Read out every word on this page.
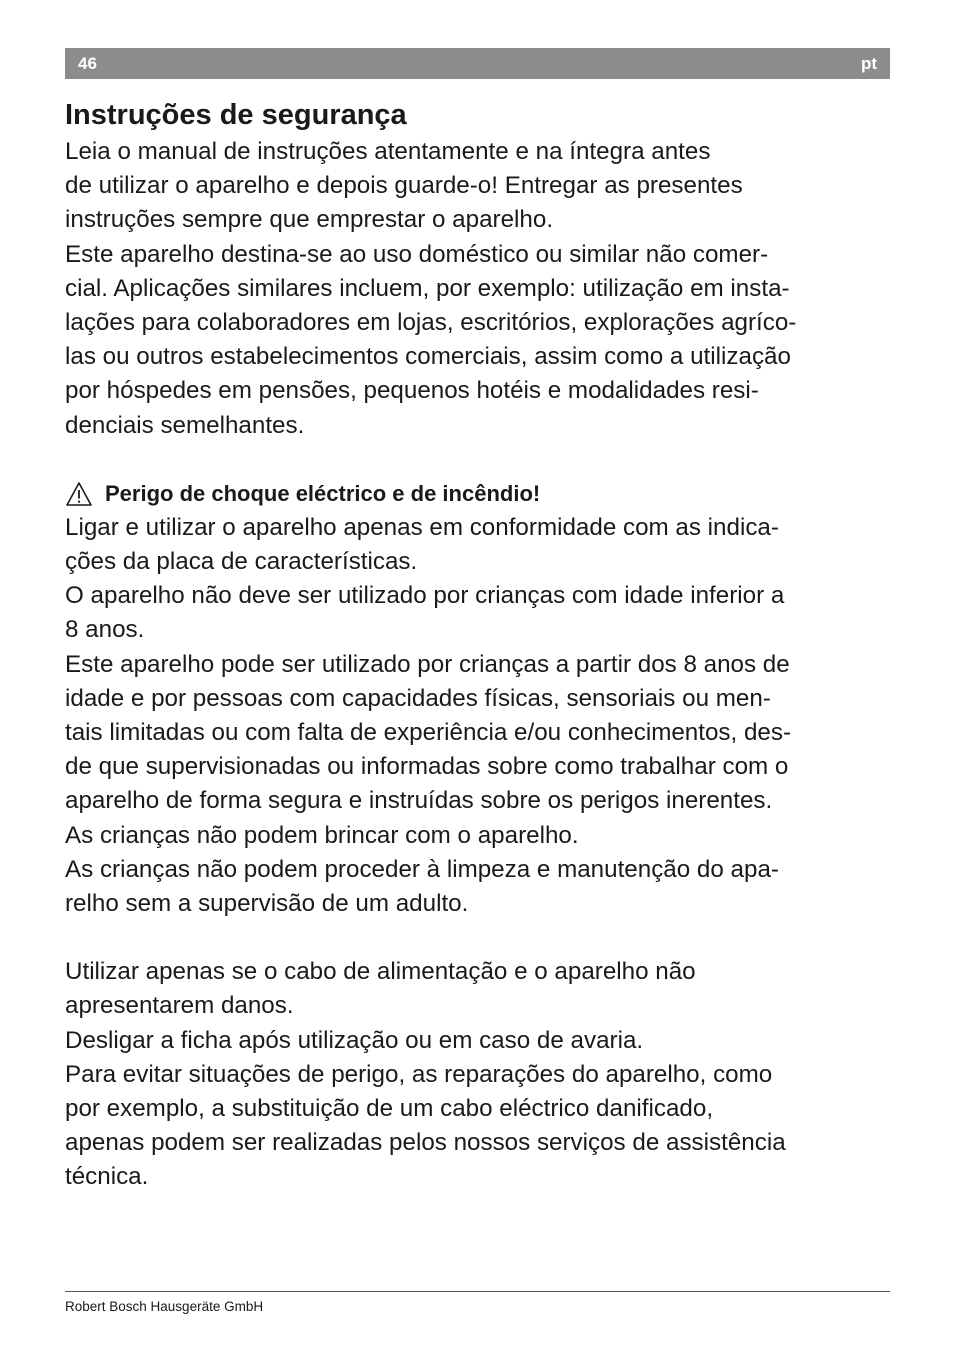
46	pt
Instruções de segurança

Leia o manual de instruções atentamente e na íntegra antes

de utilizar o aparelho e depois guarde-o! Entregar as presentes

instruções sempre que emprestar o aparelho.

Este aparelho destina-se ao uso doméstico ou similar não comer-

cial. Aplicações similares incluem, por exemplo: utilização em insta-

lações para colaboradores em lojas, escritórios, explorações agríco-

las ou outros estabelecimentos comerciais, assim como a utilização

por hóspedes em pensões, pequenos hotéis e modalidades resi-

denciais semelhantes.

Perigo de choque eléctrico e de incêndio!

Ligar e utilizar o aparelho apenas em conformidade com as indica-

ções da placa de características.

O aparelho não deve ser utilizado por crianças com idade inferior a

8 anos.

Este aparelho pode ser utilizado por crianças a partir dos 8 anos de

idade e por pessoas com capacidades físicas, sensoriais ou men-

tais limitadas ou com falta de experiência e/ou conhecimentos, des-

de que supervisionadas ou informadas sobre como trabalhar com o

aparelho de forma segura e instruídas sobre os perigos inerentes.

As crianças não podem brincar com o aparelho.

As crianças não podem proceder à limpeza e manutenção do apa-

relho sem a supervisão de um adulto.

Utilizar apenas se o cabo de alimentação e o aparelho não

apresentarem danos.

Desligar a ficha após utilização ou em caso de avaria.

Para evitar situações de perigo, as reparações do aparelho, como

por exemplo, a substituição de um cabo eléctrico danificado,

apenas podem ser realizadas pelos nossos serviços de assistência

técnica.

Robert Bosch Hausgeräte GmbH
